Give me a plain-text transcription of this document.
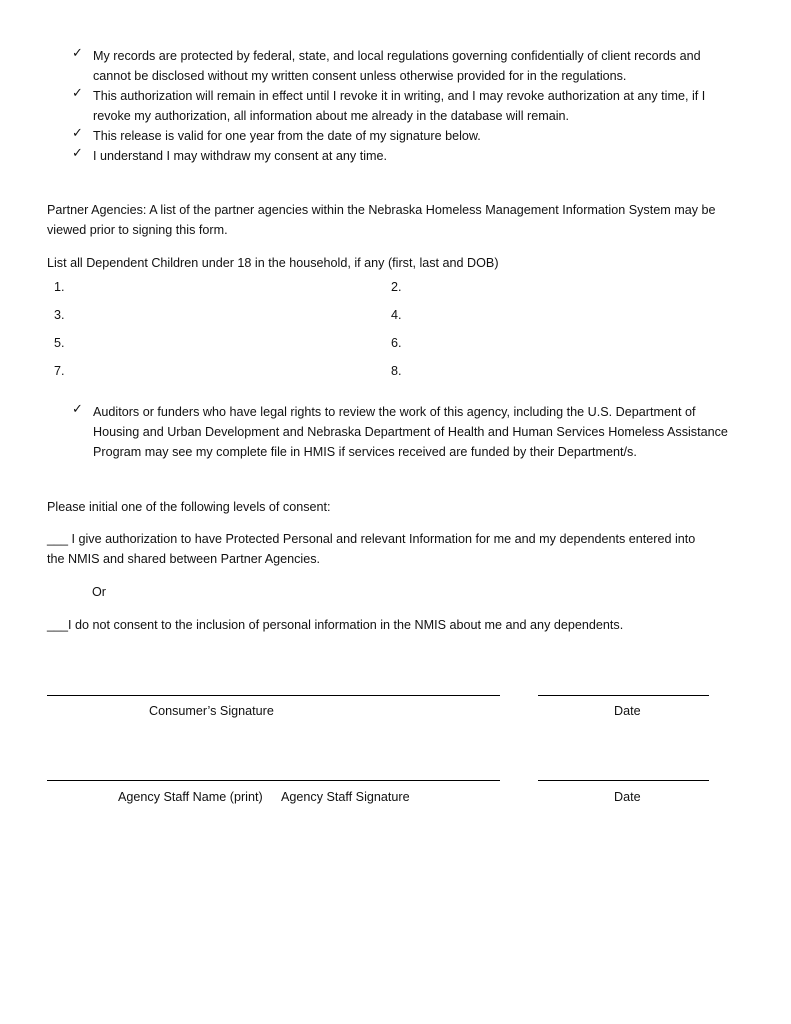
✓ My records are protected by federal, state, and local regulations governing confidentially of client records and
cannot be disclosed without my written consent unless otherwise provided for in the regulations.
✓ This authorization will remain in effect until I revoke it in writing, and I may revoke authorization at any time, if I
revoke my authorization, all information about me already in the database will remain.
✓ This release is valid for one year from the date of my signature below.
✓ I understand I may withdraw my consent at any time.
Partner Agencies: A list of the partner agencies within the Nebraska Homeless Management Information System may be
viewed prior to signing this form.
List all Dependent Children under 18 in the household, if any (first, last and DOB)
1.	2.
3.	4.
5.	6.
7.	8.
✓ Auditors or funders who have legal rights to review the work of this agency, including the U.S. Department of
Housing and Urban Development and Nebraska Department of Health and Human Services Homeless Assistance
Program may see my complete file in HMIS if services received are funded by their Department/s.
Please initial one of the following levels of consent:
___ I give authorization to have Protected Personal and relevant Information for me and my dependents entered into
the NMIS and shared between Partner Agencies.
Or
___I do not consent to the inclusion of personal information in the NMIS about me and any dependents.
Consumer’s Signature	Date
Agency Staff Name (print) Agency Staff Signature	Date
